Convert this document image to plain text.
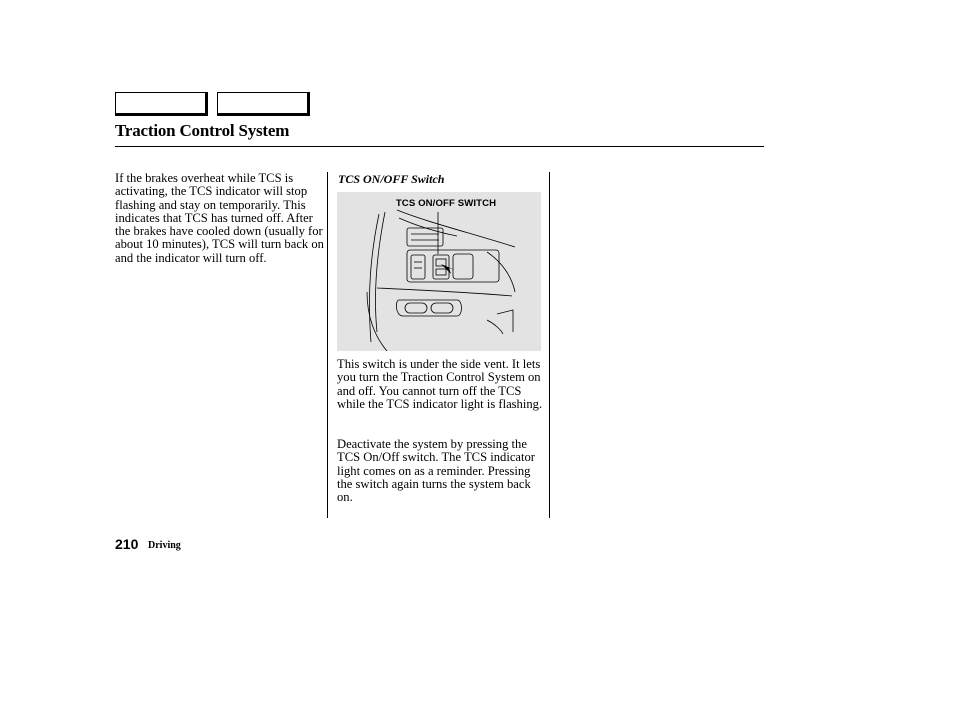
Traction Control System

If the brakes overheat while TCS is activating, the TCS indicator will stop flashing and stay on temporarily. This indicates that TCS has turned off. After the brakes have cooled down (usually for about 10 minutes), TCS will turn back on and the indicator will turn off.

TCS ON/OFF Switch
TCS ON/OFF SWITCH

This switch is under the side vent. It lets you turn the Traction Control System on and off. You cannot turn off the TCS while the TCS indicator light is flashing.

Deactivate the system by pressing the TCS On/Off switch. The TCS indicator light comes on as a reminder. Pressing the switch again turns the system back on.

210 Driving
